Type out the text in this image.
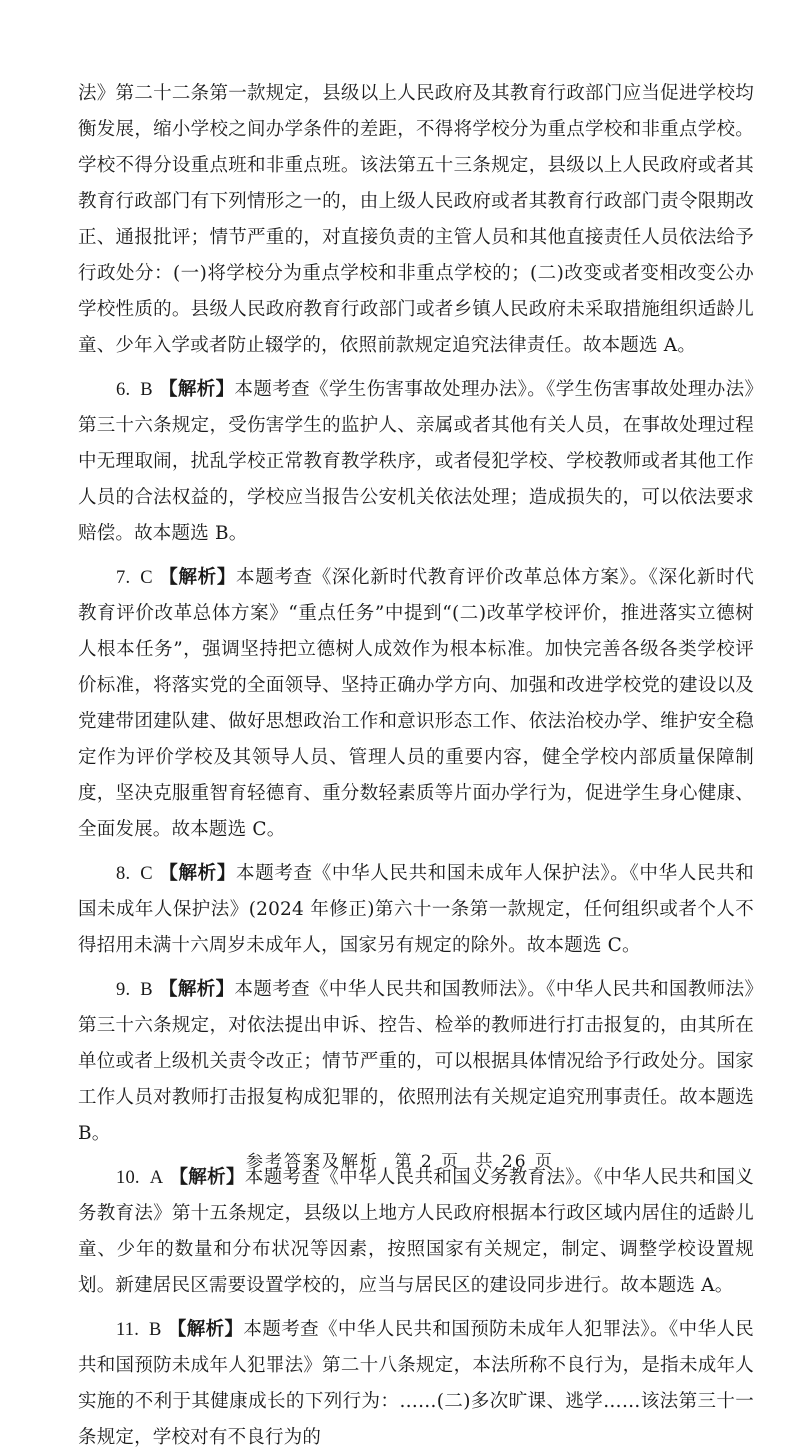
法》第二十二条第一款规定，县级以上人民政府及其教育行政部门应当促进学校均衡发展，缩小学校之间办学条件的差距，不得将学校分为重点学校和非重点学校。学校不得分设重点班和非重点班。该法第五十三条规定，县级以上人民政府或者其教育行政部门有下列情形之一的，由上级人民政府或者其教育行政部门责令限期改正、通报批评；情节严重的，对直接负责的主管人员和其他直接责任人员依法给予行政处分：(一)将学校分为重点学校和非重点学校的；(二)改变或者变相改变公办学校性质的。县级人民政府教育行政部门或者乡镇人民政府未采取措施组织适龄儿童、少年入学或者防止辍学的，依照前款规定追究法律责任。故本题选 A。

6. B 【解析】本题考查《学生伤害事故处理办法》。《学生伤害事故处理办法》第三十六条规定，受伤害学生的监护人、亲属或者其他有关人员，在事故处理过程中无理取闹，扰乱学校正常教育教学秩序，或者侵犯学校、学校教师或者其他工作人员的合法权益的，学校应当报告公安机关依法处理；造成损失的，可以依法要求赔偿。故本题选 B。

7. C 【解析】本题考查《深化新时代教育评价改革总体方案》。《深化新时代教育评价改革总体方案》“重点任务”中提到“(二)改革学校评价，推进落实立德树人根本任务”，强调坚持把立德树人成效作为根本标准。加快完善各级各类学校评价标准，将落实党的全面领导、坚持正确办学方向、加强和改进学校党的建设以及党建带团建队建、做好思想政治工作和意识形态工作、依法治校办学、维护安全稳定作为评价学校及其领导人员、管理人员的重要内容，健全学校内部质量保障制度，坚决克服重智育轻德育、重分数轻素质等片面办学行为，促进学生身心健康、全面发展。故本题选 C。

8. C 【解析】本题考查《中华人民共和国未成年人保护法》。《中华人民共和国未成年人保护法》(2024 年修正)第六十一条第一款规定，任何组织或者个人不得招用未满十六周岁未成年人，国家另有规定的除外。故本题选 C。

9. B 【解析】本题考查《中华人民共和国教师法》。《中华人民共和国教师法》第三十六条规定，对依法提出申诉、控告、检举的教师进行打击报复的，由其所在单位或者上级机关责令改正；情节严重的，可以根据具体情况给予行政处分。国家工作人员对教师打击报复构成犯罪的，依照刑法有关规定追究刑事责任。故本题选 B。

10. A 【解析】本题考查《中华人民共和国义务教育法》。《中华人民共和国义务教育法》第十五条规定，县级以上地方人民政府根据本行政区域内居住的适龄儿童、少年的数量和分布状况等因素，按照国家有关规定，制定、调整学校设置规划。新建居民区需要设置学校的，应当与居民区的建设同步进行。故本题选 A。

11. B 【解析】本题考查《中华人民共和国预防未成年人犯罪法》。《中华人民共和国预防未成年人犯罪法》第二十八条规定，本法所称不良行为，是指未成年人实施的不利于其健康成长的下列行为：……(二)多次旷课、逃学……该法第三十一条规定，学校对有不良行为的

参考答案及解析 第 2 页 共 26 页
